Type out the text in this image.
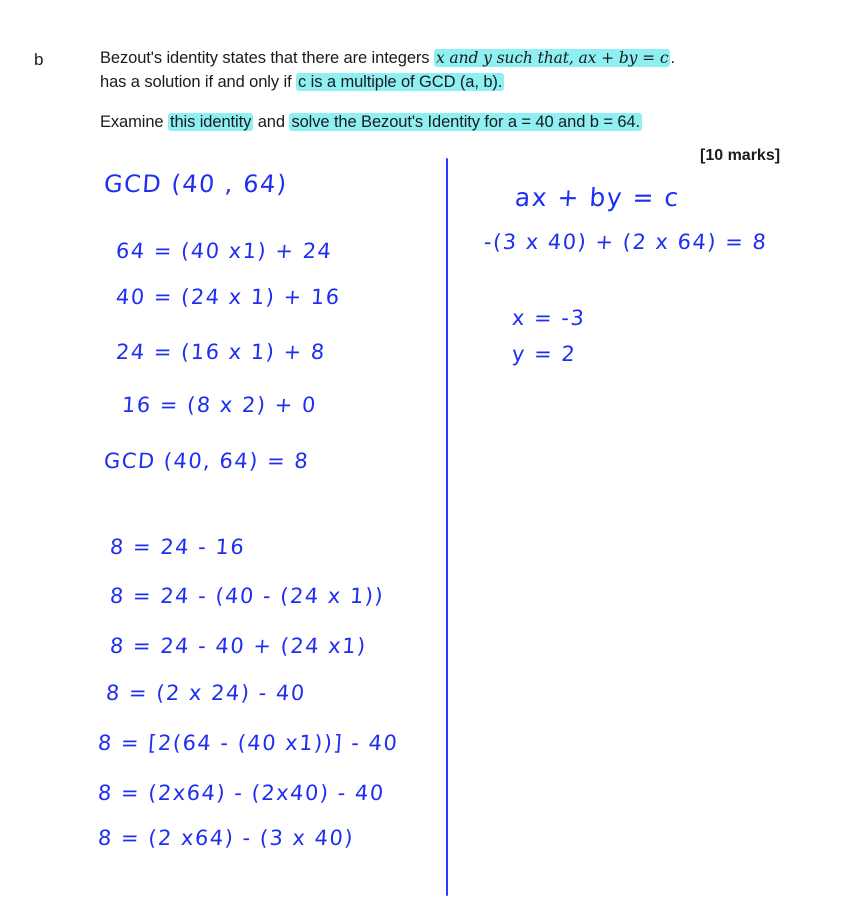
b	Bezout's identity states that there are integers x and y such that, ax + by = c .
has a solution if and only if c is a multiple of GCD (a, b).
Examine this identity and solve the Bezout's Identity for a = 40 and b = 64.
[10 marks]
GCD (40 , 64)
64 = (40 x1) + 24
40 = (24 x 1) + 16
24 = (16 x 1) + 8
16 = (8 x 2) + 0
GCD (40, 64) = 8
8 = 24 - 16
8 = 24 - (40 - (24 x 1))
8 = 24 - 40 + (24 x1)
8 = (2 x 24) - 40
8 = [2(64 - (40 x1))] - 40
8 = (2x64) - (2x40) - 40
8 = (2 x64) - (3 x 40)
ax + by = c
-(3 x 40) + (2 x 64) = 8
x = -3
y = 2
